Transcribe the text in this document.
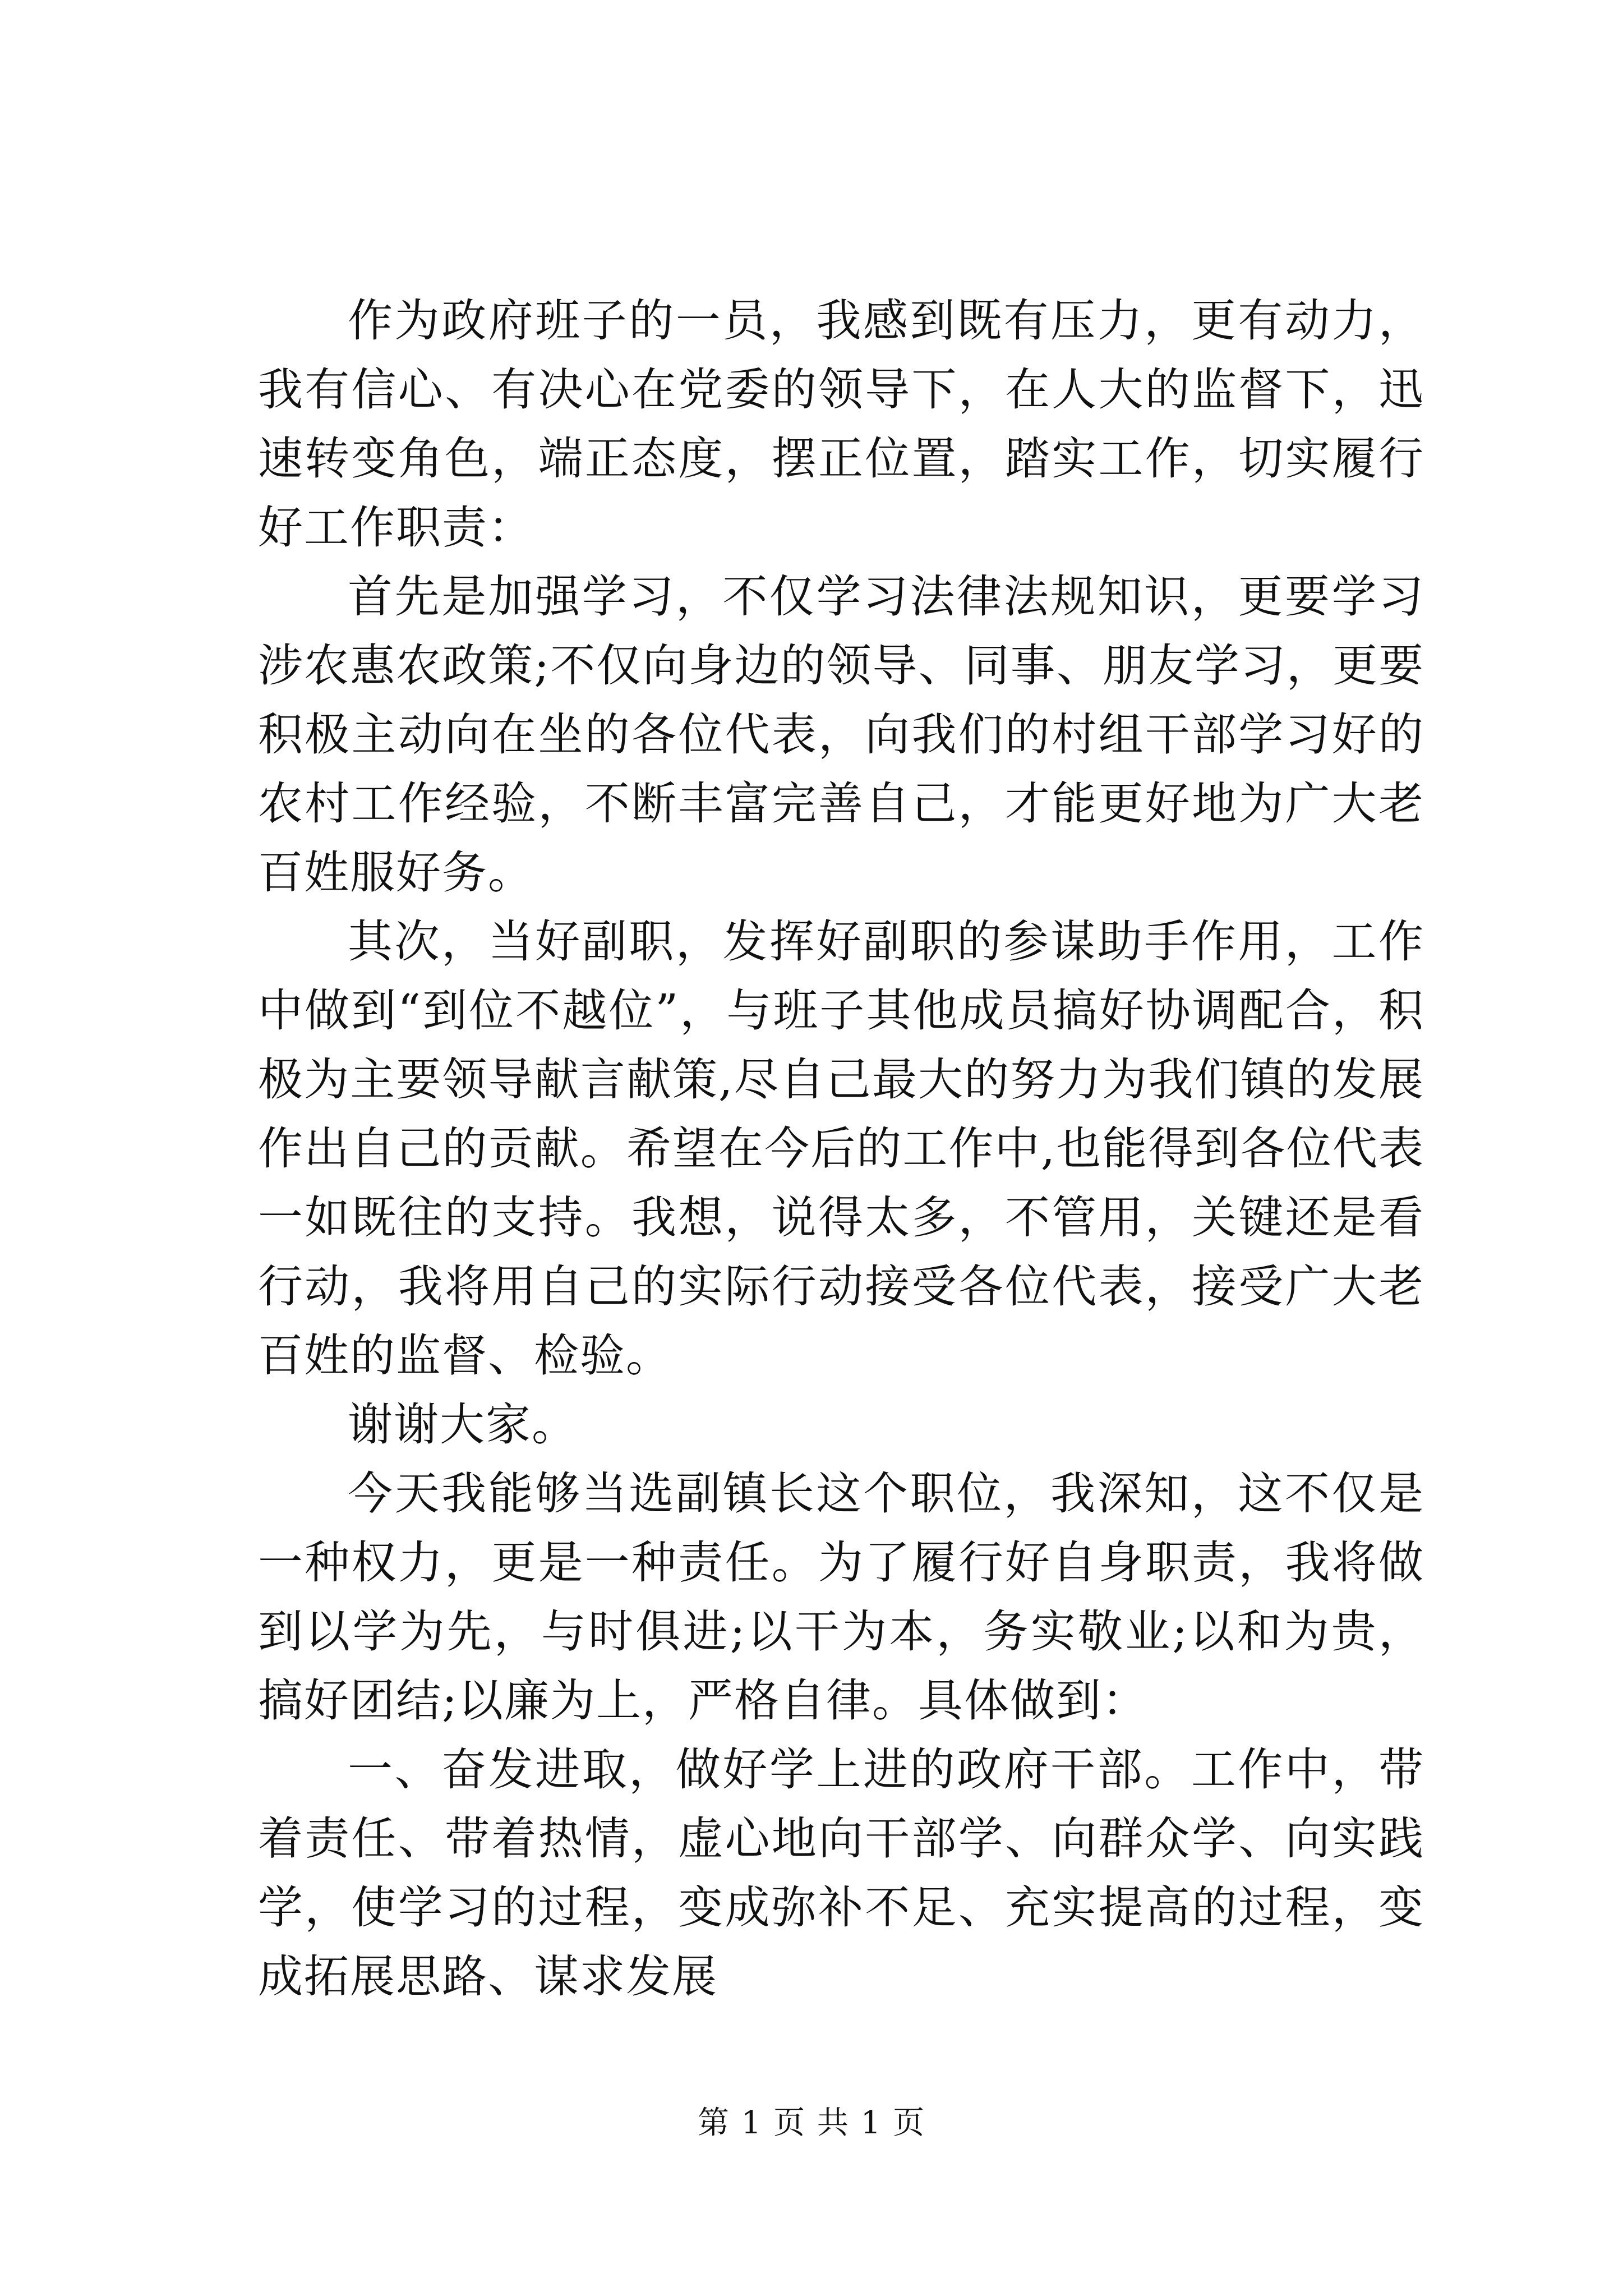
作为政府班子的一员，我感到既有压力，更有动力，我有信心、有决心在党委的领导下，在人大的监督下，迅速转变角色，端正态度，摆正位置，踏实工作，切实履行好工作职责：

首先是加强学习，不仅学习法律法规知识，更要学习涉农惠农政策;不仅向身边的领导、同事、朋友学习，更要积极主动向在坐的各位代表，向我们的村组干部学习好的农村工作经验，不断丰富完善自己，才能更好地为广大老百姓服好务。

其次，当好副职，发挥好副职的参谋助手作用，工作中做到“到位不越位”，与班子其他成员搞好协调配合，积极为主要领导献言献策,尽自己最大的努力为我们镇的发展作出自己的贡献。希望在今后的工作中,也能得到各位代表一如既往的支持。我想，说得太多，不管用，关键还是看行动，我将用自己的实际行动接受各位代表，接受广大老百姓的监督、检验。

谢谢大家。

今天我能够当选副镇长这个职位，我深知，这不仅是一种权力，更是一种责任。为了履行好自身职责，我将做到以学为先，与时俱进;以干为本，务实敬业;以和为贵，搞好团结;以廉为上，严格自律。具体做到：

一、奋发进取，做好学上进的政府干部。工作中，带着责任、带着热情，虚心地向干部学、向群众学、向实践学，使学习的过程，变成弥补不足、充实提高的过程，变成拓展思路、谋求发展

第 1 页 共 1 页
